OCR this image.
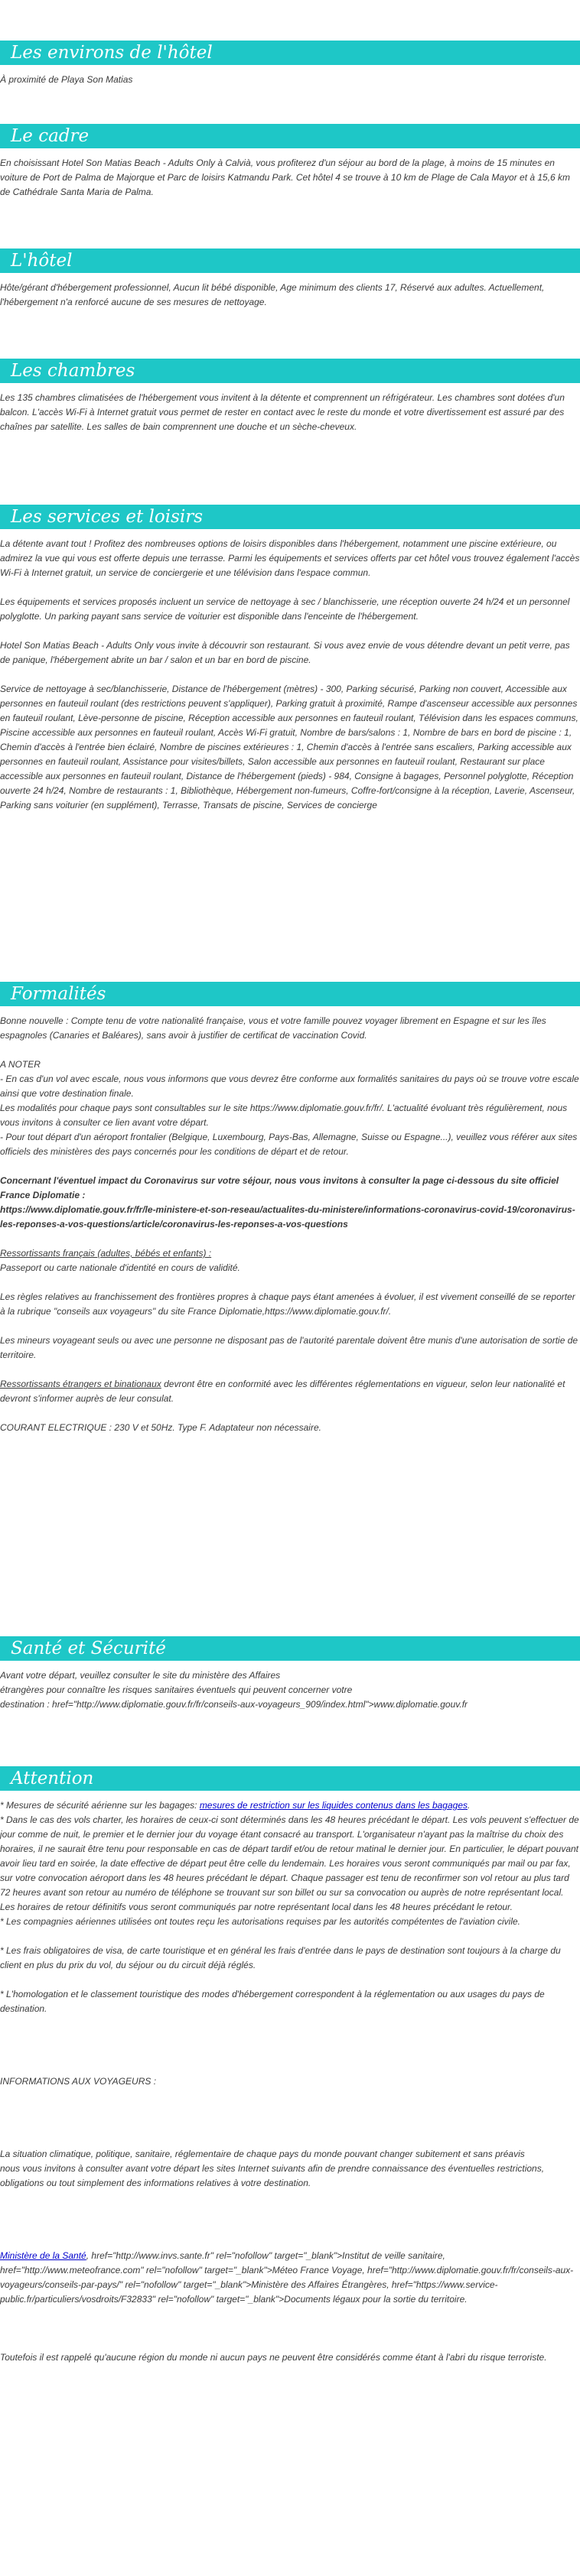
Les environs de l'hôtel

À proximité de Playa Son Matias

Le cadre

En choisissant Hotel Son Matias Beach - Adults Only à Calvià, vous profiterez d'un séjour au bord de la plage, à moins de 15 minutes en voiture de Port de Palma de Majorque et Parc de loisirs Katmandu Park. Cet hôtel 4 se trouve à 10 km de Plage de Cala Mayor et à 15,6 km de Cathédrale Santa Maria de Palma.

L'hôtel

Hôte/gérant d'hébergement professionnel, Aucun lit bébé disponible, Age minimum des clients 17, Réservé aux adultes. Actuellement, l'hébergement n'a renforcé aucune de ses mesures de nettoyage.

Les chambres

Les 135 chambres climatisées de l'hébergement vous invitent à la détente et comprennent un réfrigérateur. Les chambres sont dotées d'un balcon. L'accès Wi-Fi à Internet gratuit vous permet de rester en contact avec le reste du monde et votre divertissement est assuré par des chaînes par satellite. Les salles de bain comprennent une douche et un sèche-cheveux.

Les services et loisirs

La détente avant tout ! Profitez des nombreuses options de loisirs disponibles dans l'hébergement, notamment une piscine extérieure, ou admirez la vue qui vous est offerte depuis une terrasse. Parmi les équipements et services offerts par cet hôtel vous trouvez également l'accès Wi-Fi à Internet gratuit, un service de conciergerie et une télévision dans l'espace commun.

Les équipements et services proposés incluent un service de nettoyage à sec / blanchisserie, une réception ouverte 24 h/24 et un personnel polyglotte. Un parking payant sans service de voiturier est disponible dans l'enceinte de l'hébergement.

Hotel Son Matias Beach - Adults Only vous invite à découvrir son restaurant. Si vous avez envie de vous détendre devant un petit verre, pas de panique, l'hébergement abrite un bar / salon et un bar en bord de piscine.

Service de nettoyage à sec/blanchisserie, Distance de l'hébergement (mètres) - 300, Parking sécurisé, Parking non couvert, Accessible aux personnes en fauteuil roulant (des restrictions peuvent s'appliquer), Parking gratuit à proximité, Rampe d'ascenseur accessible aux personnes en fauteuil roulant, Lève-personne de piscine, Réception accessible aux personnes en fauteuil roulant, Télévision dans les espaces communs, Piscine accessible aux personnes en fauteuil roulant, Accès Wi-Fi gratuit, Nombre de bars/salons : 1, Nombre de bars en bord de piscine : 1, Chemin d'accès à l'entrée bien éclairé, Nombre de piscines extérieures : 1, Chemin d'accès à l'entrée sans escaliers, Parking accessible aux personnes en fauteuil roulant, Assistance pour visites/billets, Salon accessible aux personnes en fauteuil roulant, Restaurant sur place accessible aux personnes en fauteuil roulant, Distance de l'hébergement (pieds) - 984, Consigne à bagages, Personnel polyglotte, Réception ouverte 24 h/24, Nombre de restaurants : 1, Bibliothèque, Hébergement non-fumeurs, Coffre-fort/consigne à la réception, Laverie, Ascenseur, Parking sans voiturier (en supplément), Terrasse, Transats de piscine, Services de concierge

Formalités

Bonne nouvelle : Compte tenu de votre nationalité française, vous et votre famille pouvez voyager librement en Espagne et sur les îles espagnoles (Canaries et Baléares), sans avoir à justifier de certificat de vaccination Covid.

A NOTER
- En cas d'un vol avec escale, nous vous informons que vous devrez être conforme aux formalités sanitaires du pays où se trouve votre escale ainsi que votre destination finale.
Les modalités pour chaque pays sont consultables sur le site https://www.diplomatie.gouv.fr/fr/. L'actualité évoluant très régulièrement, nous vous invitons à consulter ce lien avant votre départ.
- Pour tout départ d'un aéroport frontalier (Belgique, Luxembourg, Pays-Bas, Allemagne, Suisse ou Espagne...), veuillez vous référer aux sites officiels des ministères des pays concernés pour les conditions de départ et de retour.

Concernant l'éventuel impact du Coronavirus sur votre séjour, nous vous invitons à consulter la page ci-dessous du site officiel France Diplomatie :
https://www.diplomatie.gouv.fr/fr/le-ministere-et-son-reseau/actualites-du-ministere/informations-coronavirus-covid-19/coronavirus-les-reponses-a-vos-questions/article/coronavirus-les-reponses-a-vos-questions

Ressortissants français (adultes, bébés et enfants) :
Passeport ou carte nationale d'identité en cours de validité.

Les règles relatives au franchissement des frontières propres à chaque pays étant amenées à évoluer, il est vivement conseillé de se reporter à la rubrique "conseils aux voyageurs" du site France Diplomatie,https://www.diplomatie.gouv.fr/.

Les mineurs voyageant seuls ou avec une personne ne disposant pas de l'autorité parentale doivent être munis d'une autorisation de sortie de territoire.

Ressortissants étrangers et binationaux devront être en conformité avec les différentes réglementations en vigueur, selon leur nationalité et devront s'informer auprès de leur consulat.

COURANT ELECTRIQUE : 230 V et 50Hz. Type F. Adaptateur non nécessaire.

Santé et Sécurité

Avant votre départ, veuillez consulter le site du ministère des Affaires
étrangères pour connaître les risques sanitaires éventuels qui peuvent concerner votre
destination : href="http://www.diplomatie.gouv.fr/fr/conseils-aux-voyageurs_909/index.html">www.diplomatie.gouv.fr

Attention

* Mesures de sécurité aérienne sur les bagages: mesures de restriction sur les liquides contenus dans les bagages.
* Dans le cas des vols charter, les horaires de ceux-ci sont déterminés dans les 48 heures précédant le départ. Les vols peuvent s'effectuer de jour comme de nuit, le premier et le dernier jour du voyage étant consacré au transport. L'organisateur n'ayant pas la maîtrise du choix des horaires, il ne saurait être tenu pour responsable en cas de départ tardif et/ou de retour matinal le dernier jour. En particulier, le départ pouvant avoir lieu tard en soirée, la date effective de départ peut être celle du lendemain. Les horaires vous seront communiqués par mail ou par fax, sur votre convocation aéroport dans les 48 heures précédant le départ. Chaque passager est tenu de reconfirmer son vol retour au plus tard 72 heures avant son retour au numéro de téléphone se trouvant sur son billet ou sur sa convocation ou auprès de notre représentant local. Les horaires de retour définitifs vous seront communiqués par notre représentant local dans les 48 heures précédant le retour.
* Les compagnies aériennes utilisées ont toutes reçu les autorisations requises par les autorités compétentes de l'aviation civile.

* Les frais obligatoires de visa, de carte touristique et en général les frais d'entrée dans le pays de destination sont toujours à la charge du client en plus du prix du vol, du séjour ou du circuit déjà réglés.

* L'homologation et le classement touristique des modes d'hébergement correspondent à la réglementation ou aux usages du pays de destination.

INFORMATIONS AUX VOYAGEURS :

La situation climatique, politique, sanitaire, réglementaire de chaque pays du monde pouvant changer subitement et sans préavis
nous vous invitons à consulter avant votre départ les sites Internet suivants afin de prendre connaissance des éventuelles restrictions, obligations ou tout simplement des informations relatives à votre destination.

Ministère de la Santé, href="http://www.invs.sante.fr" rel="nofollow" target="_blank">Institut de veille sanitaire, href="http://www.meteofrance.com" rel="nofollow" target="_blank">Méteo France Voyage, href="http://www.diplomatie.gouv.fr/fr/conseils-aux-voyageurs/conseils-par-pays/" rel="nofollow" target="_blank">Ministère des Affaires Étrangères, href="https://www.service-public.fr/particuliers/vosdroits/F32833" rel="nofollow" target="_blank">Documents légaux pour la sortie du territoire.

Toutefois il est rappelé qu'aucune région du monde ni aucun pays ne peuvent être considérés comme étant à l'abri du risque terroriste.
